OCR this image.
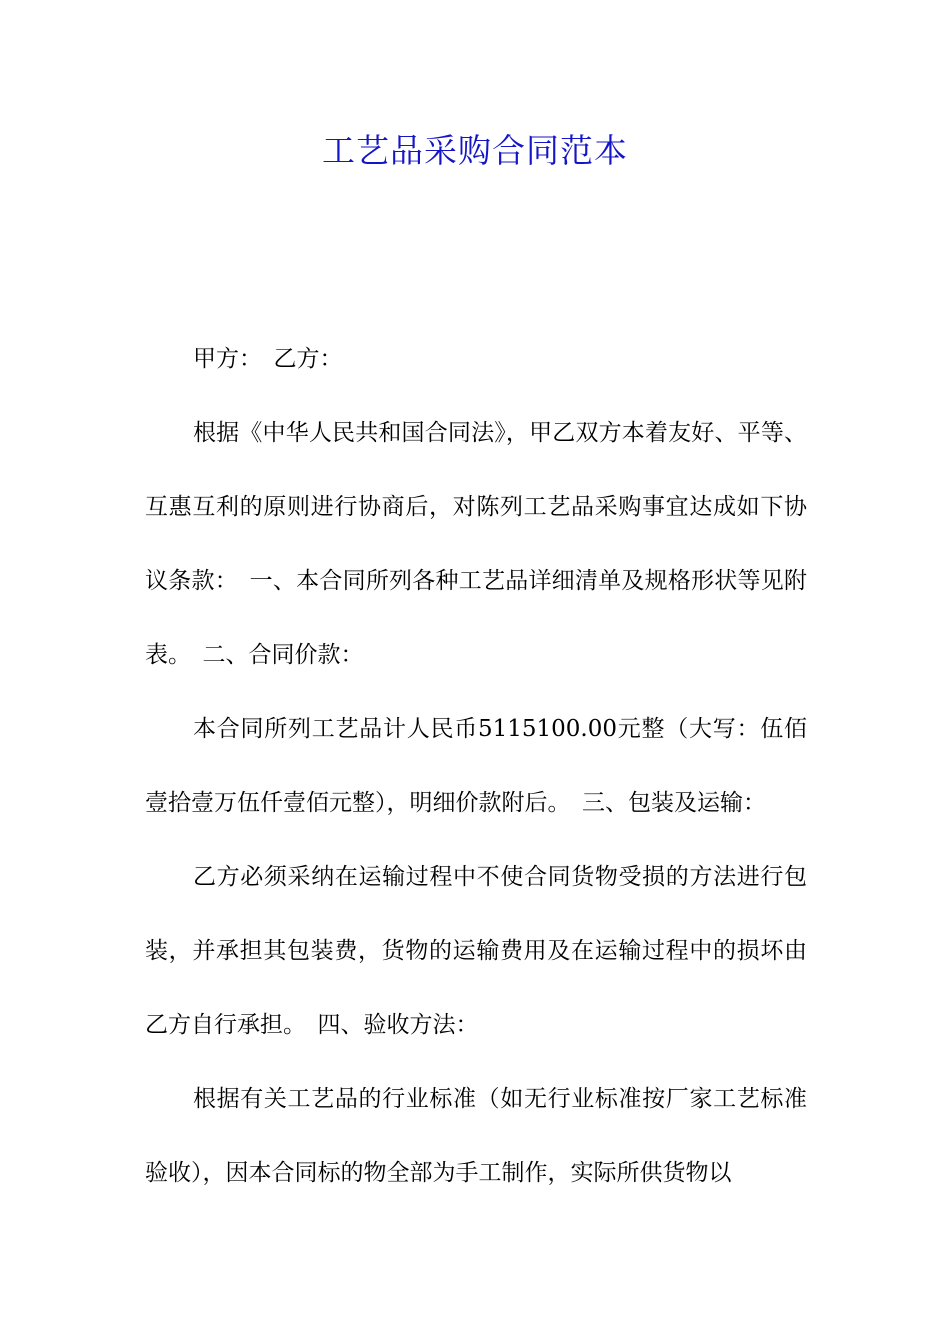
工艺品采购合同范本

甲方：　乙方：

根据《中华人民共和国合同法》，甲乙双方本着友好、平等、互惠互利的原则进行协商后，对陈列工艺品采购事宜达成如下协议条款：　一、本合同所列各种工艺品详细清单及规格形状等见附表。　二、合同价款：

本合同所列工艺品计人民币5115100.00元整（大写：伍佰壹拾壹万伍仟壹佰元整），明细价款附后。　三、包装及运输：

乙方必须采纳在运输过程中不使合同货物受损的方法进行包装，并承担其包装费，货物的运输费用及在运输过程中的损坏由乙方自行承担。　四、验收方法：

根据有关工艺品的行业标准（如无行业标准按厂家工艺标准验收），因本合同标的物全部为手工制作，实际所供货物以
